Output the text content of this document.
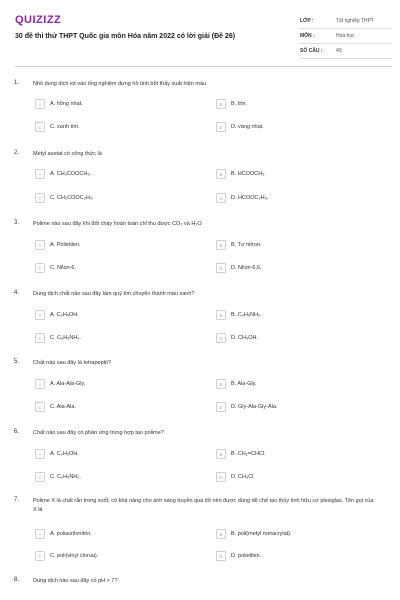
QUIZIZZ
30 đề thi thử THPT Quốc gia môn Hóa năm 2022 có lời giải (Đề 26)
LỚP :	Tốt nghiệp THPT
MÔN :	Hóa học
SỐ CÂU :	40
1.	Nhỏ dung dịch iot vào ống nghiệm đựng hồ tinh bột thấy xuất hiện màu
A	A. hồng nhạt.	B	B. tím.
C	C. xanh tím.	D	D. vàng nhạt.
2.	Metyl axetat có công thức là
A	A. CH₃COOCH₃.	B	B. HCOOCH₃.
C	C. CH₃COOC₂H₅.	D	D. HCOOC₂H₅.
3.	Polime nào sau đây khi đốt cháy hoàn toàn chỉ thu được CO₂ và H₂O
A	A. Polietilen.	B	B. Tơ nitron.
C	C. Nilon-6.	D	D. Nilon-6,6.
4.	Dung dịch chất nào sau đây làm quỳ tím chuyển thành màu xanh?
A	A. C₂H₅OH.	B	B. C₂H₅NH₂.
C	C. C₆H₅NH₂.	D	D. CH₃OH.
5.	Chất nào sau đây là tetrapeptit?
A	A. Ala-Ala-Gly.	B	B. Ala-Gly.
C	C. Ala-Ala.	D	D. Gly-Ala-Gly-Ala.
6.	Chất nào sau đây có phản ứng trùng hợp tạo polime?
A	A. C₂H₅OH.	B	B. CH₂=CHCl.
C	C. C₂H₅NH₂.	D	D. CH₃Cl.
7.	Polime X là chất rắn trong suốt, có khả năng cho ánh sáng truyền qua tốt nên được dùng để chế tạo thủy tinh hữu cơ plexiglas. Tên gọi của X là
A	A. poliacrilonitrin.	B	B. poli(metyl metacrylat).
C	C. poli(vinyl clorua).	D	D. polietilen.
8.	Dung dịch nào sau đây có pH > 7?
